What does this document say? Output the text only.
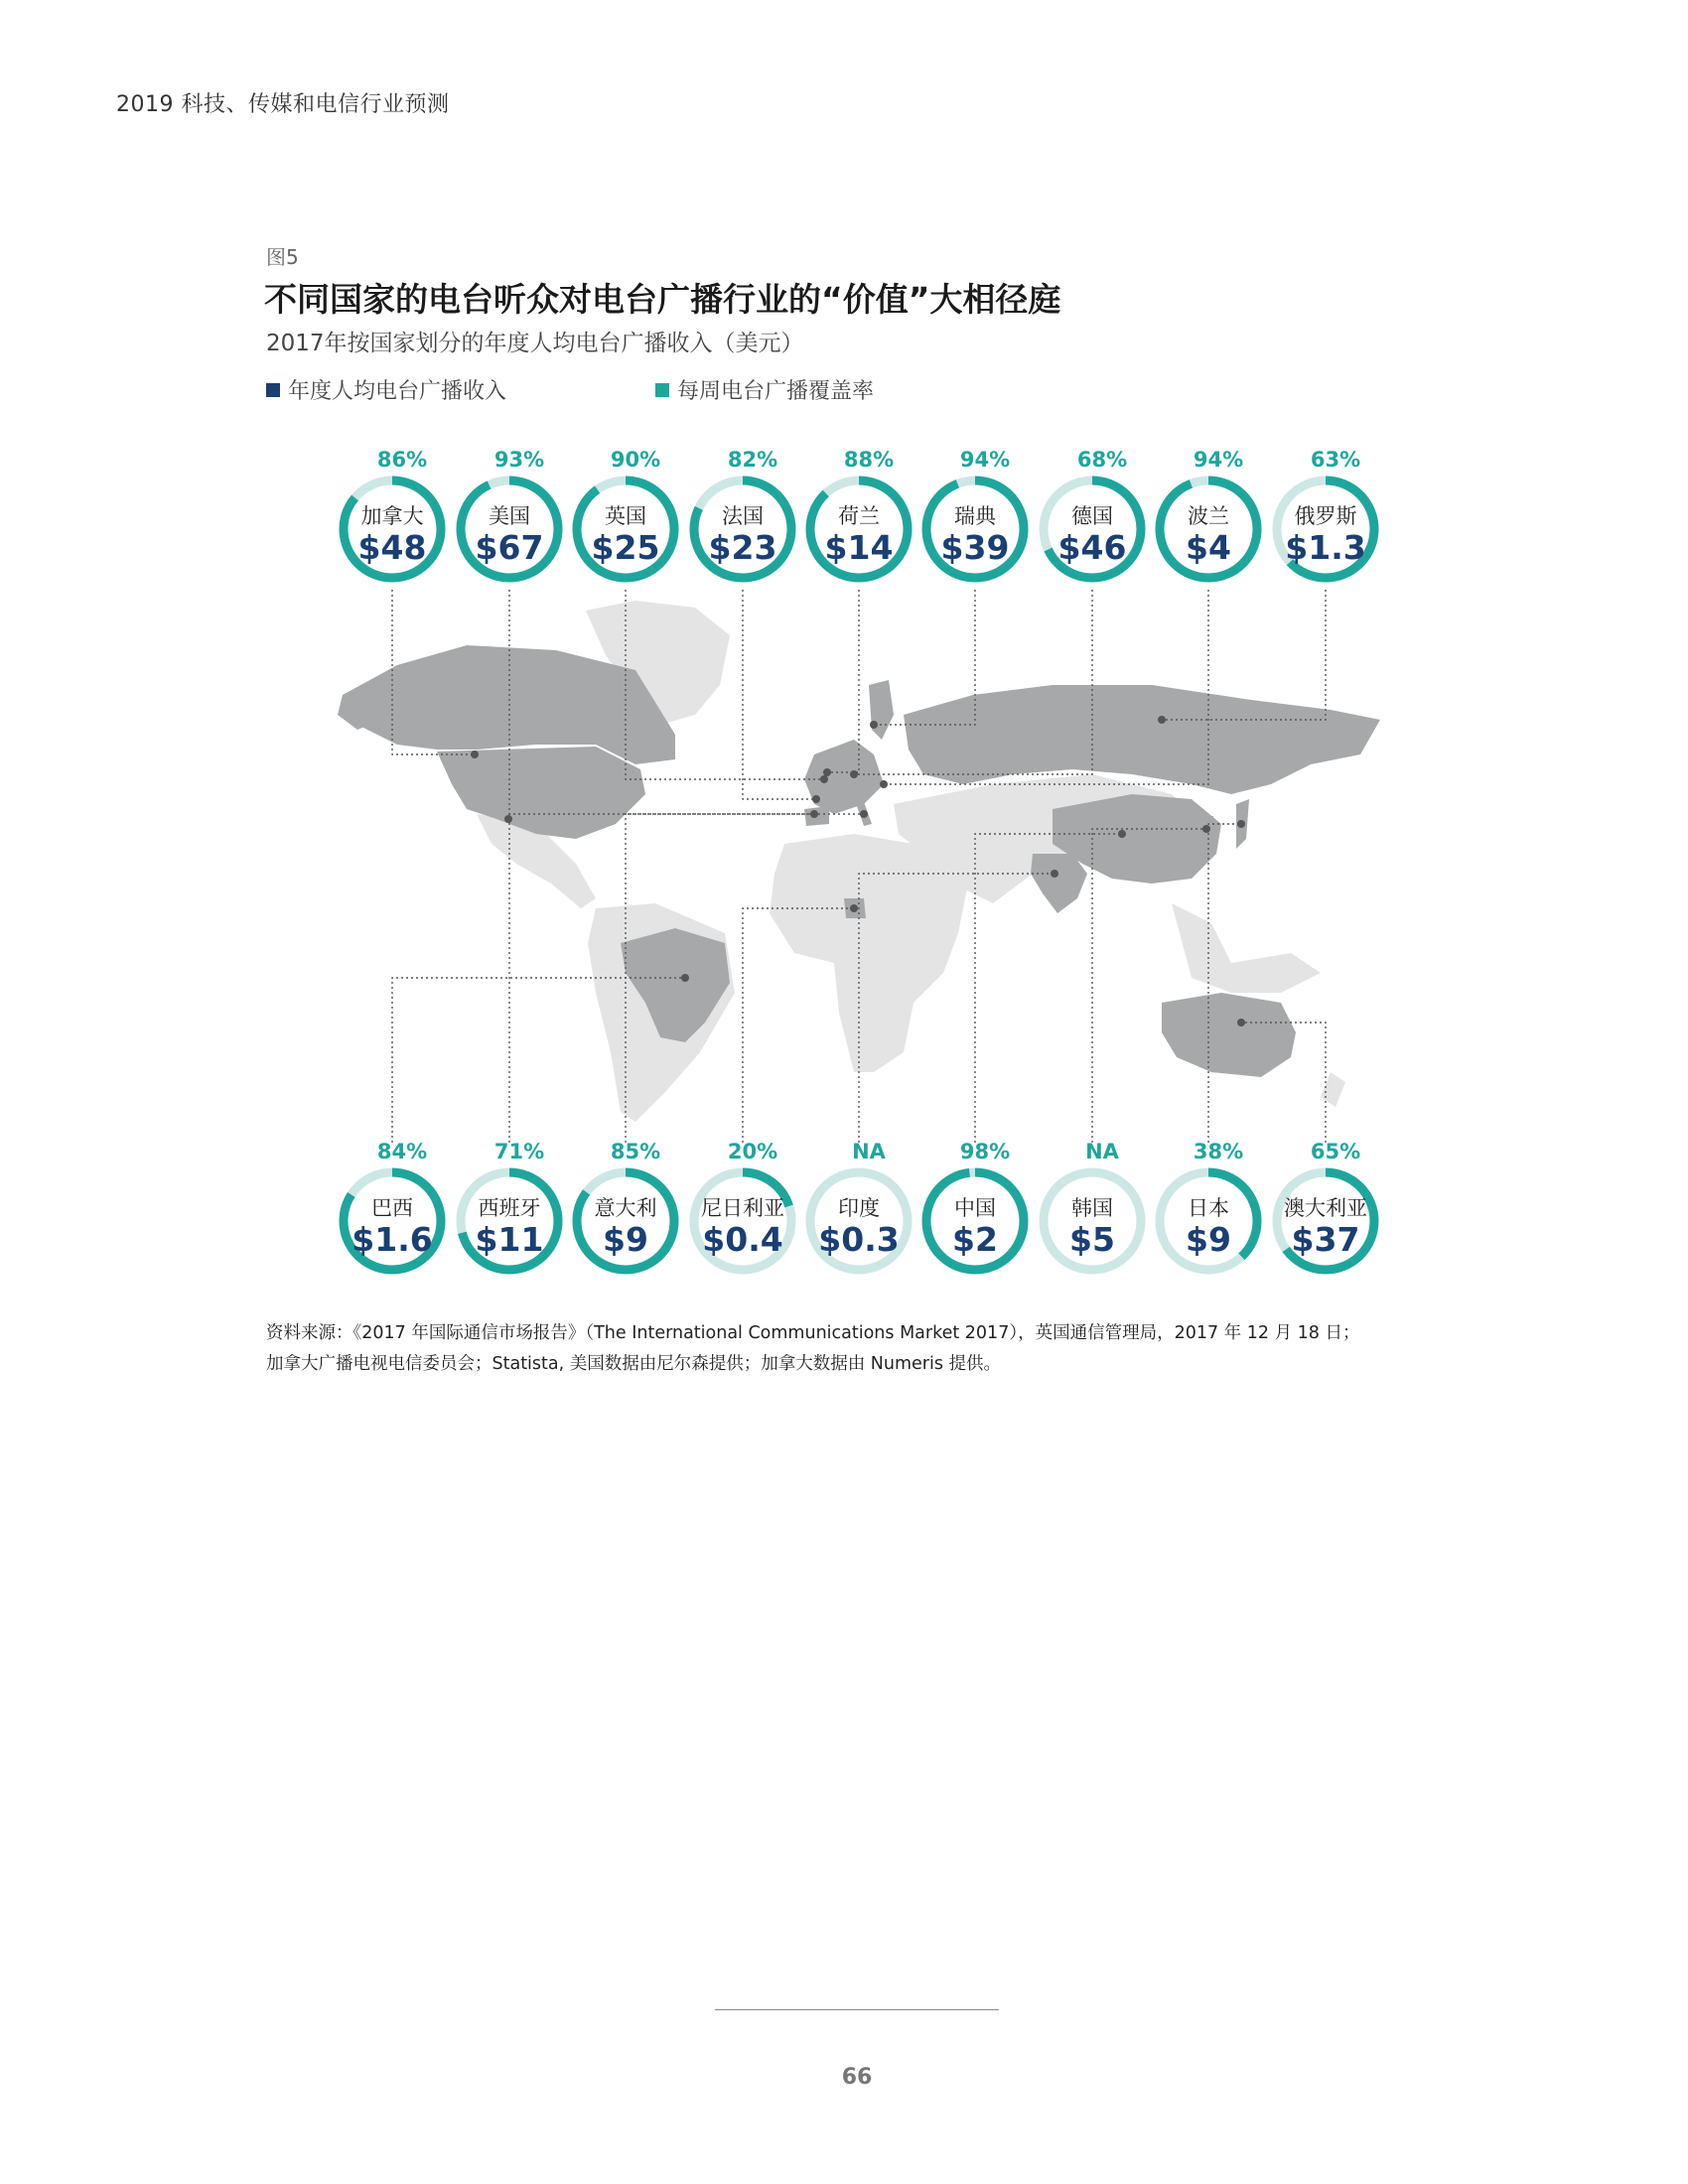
2019 科技、传媒和电信行业预测
图5
不同国家的电台听众对电台广播行业的“价值”大相径庭
2017年按国家划分的年度人均电台广播收入（美元）
年度人均电台广播收入	每周电台广播覆盖率
86%
加拿大
$48
93%
美国
$67
90%
英国
$25
82%
法国
$23
88%
荷兰
$14
94%
瑞典
$39
68%
德国
$46
94%
波兰
$4
63%
俄罗斯
$1.3
84%
巴西
$1.6
71%
西班牙
$11
85%
意大利
$9
20%
尼日利亚
$0.4
NA
印度
$0.3
98%
中国
$2
NA
韩国
$5
38%
日本
$9
65%
澳大利亚
$37
资料来源：《2017 年国际通信市场报告》（The International Communications Market 2017），英国通信管理局，2017 年 12 月 18 日；
加拿大广播电视电信委员会；Statista, 美国数据由尼尔森提供；加拿大数据由 Numeris 提供。
66
